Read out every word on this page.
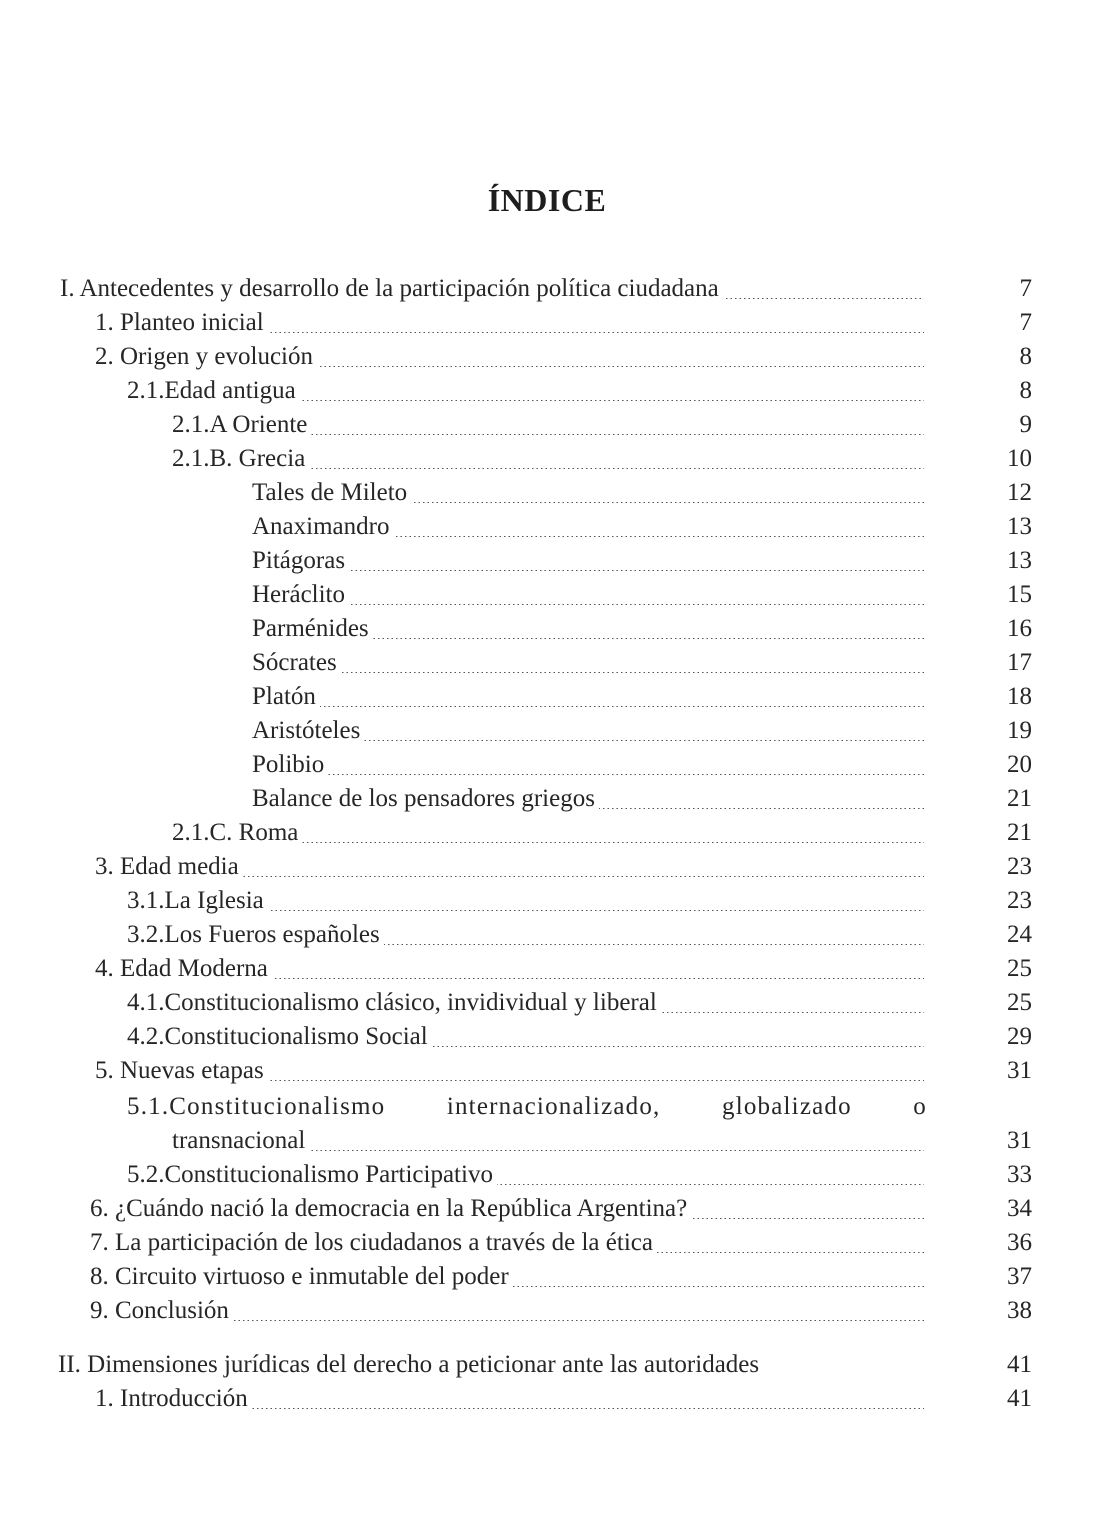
ÍNDICE
I. Antecedentes y desarrollo de la participación política ciudadana	7
1. Planteo inicial	7
2. Origen y evolución	8
2.1.Edad antigua	8
2.1.A Oriente	9
2.1.B. Grecia	10
Tales de Mileto	12
Anaximandro	13
Pitágoras	13
Heráclito	15
Parménides	16
Sócrates	17
Platón	18
Aristóteles	19
Polibio	20
Balance de los pensadores griegos	21
2.1.C. Roma	21
3. Edad media	23
3.1.La Iglesia	23
3.2.Los Fueros españoles	24
4. Edad Moderna	25
4.1.Constitucionalismo clásico, invidividual y liberal	25
4.2.Constitucionalismo Social	29
5. Nuevas etapas	31
5.1.Constitucionalismo internacionalizado, globalizado o
transnacional	31
5.2.Constitucionalismo Participativo	33
6. ¿Cuándo nació la democracia en la República Argentina?	34
7. La participación de los ciudadanos a través de la ética	36
8. Circuito virtuoso e inmutable del poder	37
9. Conclusión	38
II. Dimensiones jurídicas del derecho a peticionar ante las autoridades	41
1. Introducción	41
